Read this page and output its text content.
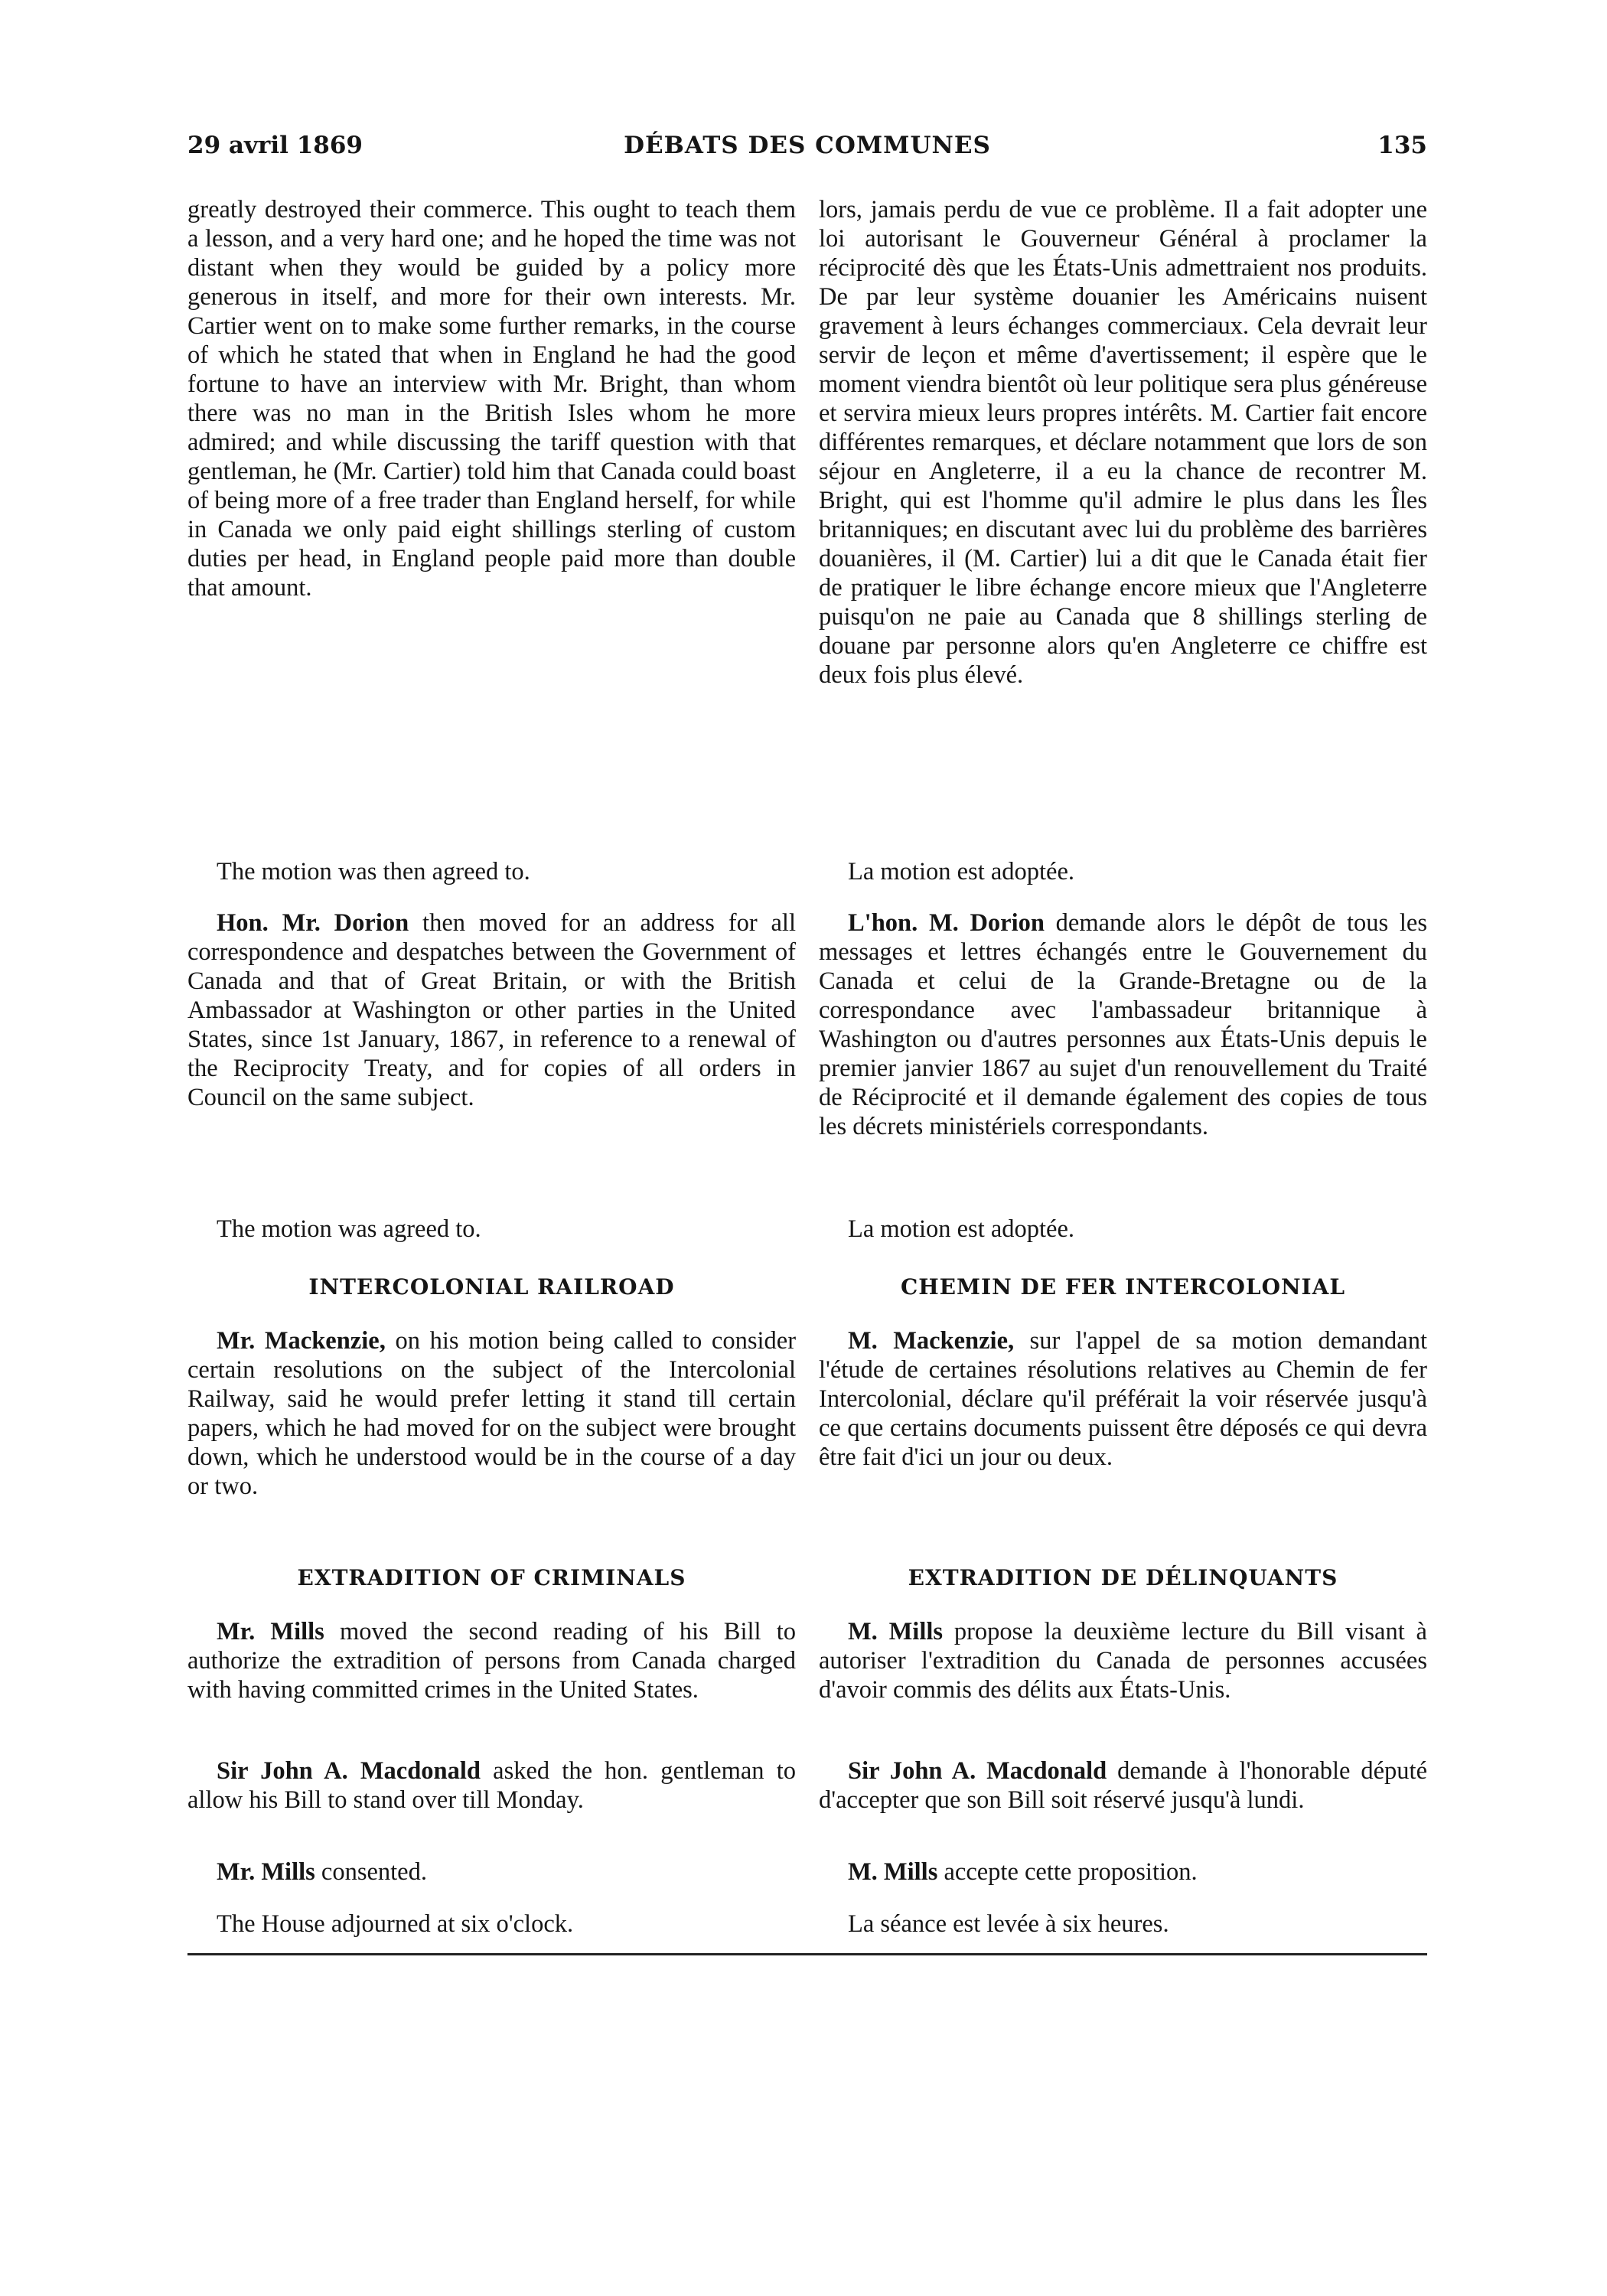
29 avril 1869	DÉBATS DES COMMUNES	135

greatly destroyed their commerce. This ought to teach them a lesson, and a very hard one; and he hoped the time was not distant when they would be guided by a policy more generous in itself, and more for their own interests. Mr. Cartier went on to make some further remarks, in the course of which he stated that when in England he had the good fortune to have an interview with Mr. Bright, than whom there was no man in the British Isles whom he more admired; and while discussing the tariff question with that gentleman, he (Mr. Cartier) told him that Canada could boast of being more of a free trader than England herself, for while in Canada we only paid eight shillings sterling of custom duties per head, in England people paid more than double that amount.

The motion was then agreed to.

Hon. Mr. Dorion then moved for an address for all correspondence and despatches between the Government of Canada and that of Great Britain, or with the British Ambassador at Washington or other parties in the United States, since 1st January, 1867, in reference to a renewal of the Reciprocity Treaty, and for copies of all orders in Council on the same subject.

The motion was agreed to.

INTERCOLONIAL RAILROAD

Mr. Mackenzie, on his motion being called to consider certain resolutions on the subject of the Intercolonial Railway, said he would prefer letting it stand till certain papers, which he had moved for on the subject were brought down, which he understood would be in the course of a day or two.

EXTRADITION OF CRIMINALS

Mr. Mills moved the second reading of his Bill to authorize the extradition of persons from Canada charged with having committed crimes in the United States.

Sir John A. Macdonald asked the hon. gentleman to allow his Bill to stand over till Monday.

Mr. Mills consented.

The House adjourned at six o'clock.

lors, jamais perdu de vue ce problème. Il a fait adopter une loi autorisant le Gouverneur Général à proclamer la réciprocité dès que les États-Unis admettraient nos produits. De par leur système douanier les Américains nuisent gravement à leurs échanges commerciaux. Cela devrait leur servir de leçon et même d'avertissement; il espère que le moment viendra bientôt où leur politique sera plus généreuse et servira mieux leurs propres intérêts. M. Cartier fait encore différentes remarques, et déclare notamment que lors de son séjour en Angleterre, il a eu la chance de recontrer M. Bright, qui est l'homme qu'il admire le plus dans les Îles britanniques; en discutant avec lui du problème des barrières douanières, il (M. Cartier) lui a dit que le Canada était fier de pratiquer le libre échange encore mieux que l'Angleterre puisqu'on ne paie au Canada que 8 shillings sterling de douane par personne alors qu'en Angleterre ce chiffre est deux fois plus élevé.

La motion est adoptée.

L'hon. M. Dorion demande alors le dépôt de tous les messages et lettres échangés entre le Gouvernement du Canada et celui de la Grande-Bretagne ou de la correspondance avec l'ambassadeur britannique à Washington ou d'autres personnes aux États-Unis depuis le premier janvier 1867 au sujet d'un renouvellement du Traité de Réciprocité et il demande également des copies de tous les décrets ministériels correspondants.

La motion est adoptée.

CHEMIN DE FER INTERCOLONIAL

M. Mackenzie, sur l'appel de sa motion demandant l'étude de certaines résolutions relatives au Chemin de fer Intercolonial, déclare qu'il préférait la voir réservée jusqu'à ce que certains documents puissent être déposés ce qui devra être fait d'ici un jour ou deux.

EXTRADITION DE DÉLINQUANTS

M. Mills propose la deuxième lecture du Bill visant à autoriser l'extradition du Canada de personnes accusées d'avoir commis des délits aux États-Unis.

Sir John A. Macdonald demande à l'honorable député d'accepter que son Bill soit réservé jusqu'à lundi.

M. Mills accepte cette proposition.

La séance est levée à six heures.
